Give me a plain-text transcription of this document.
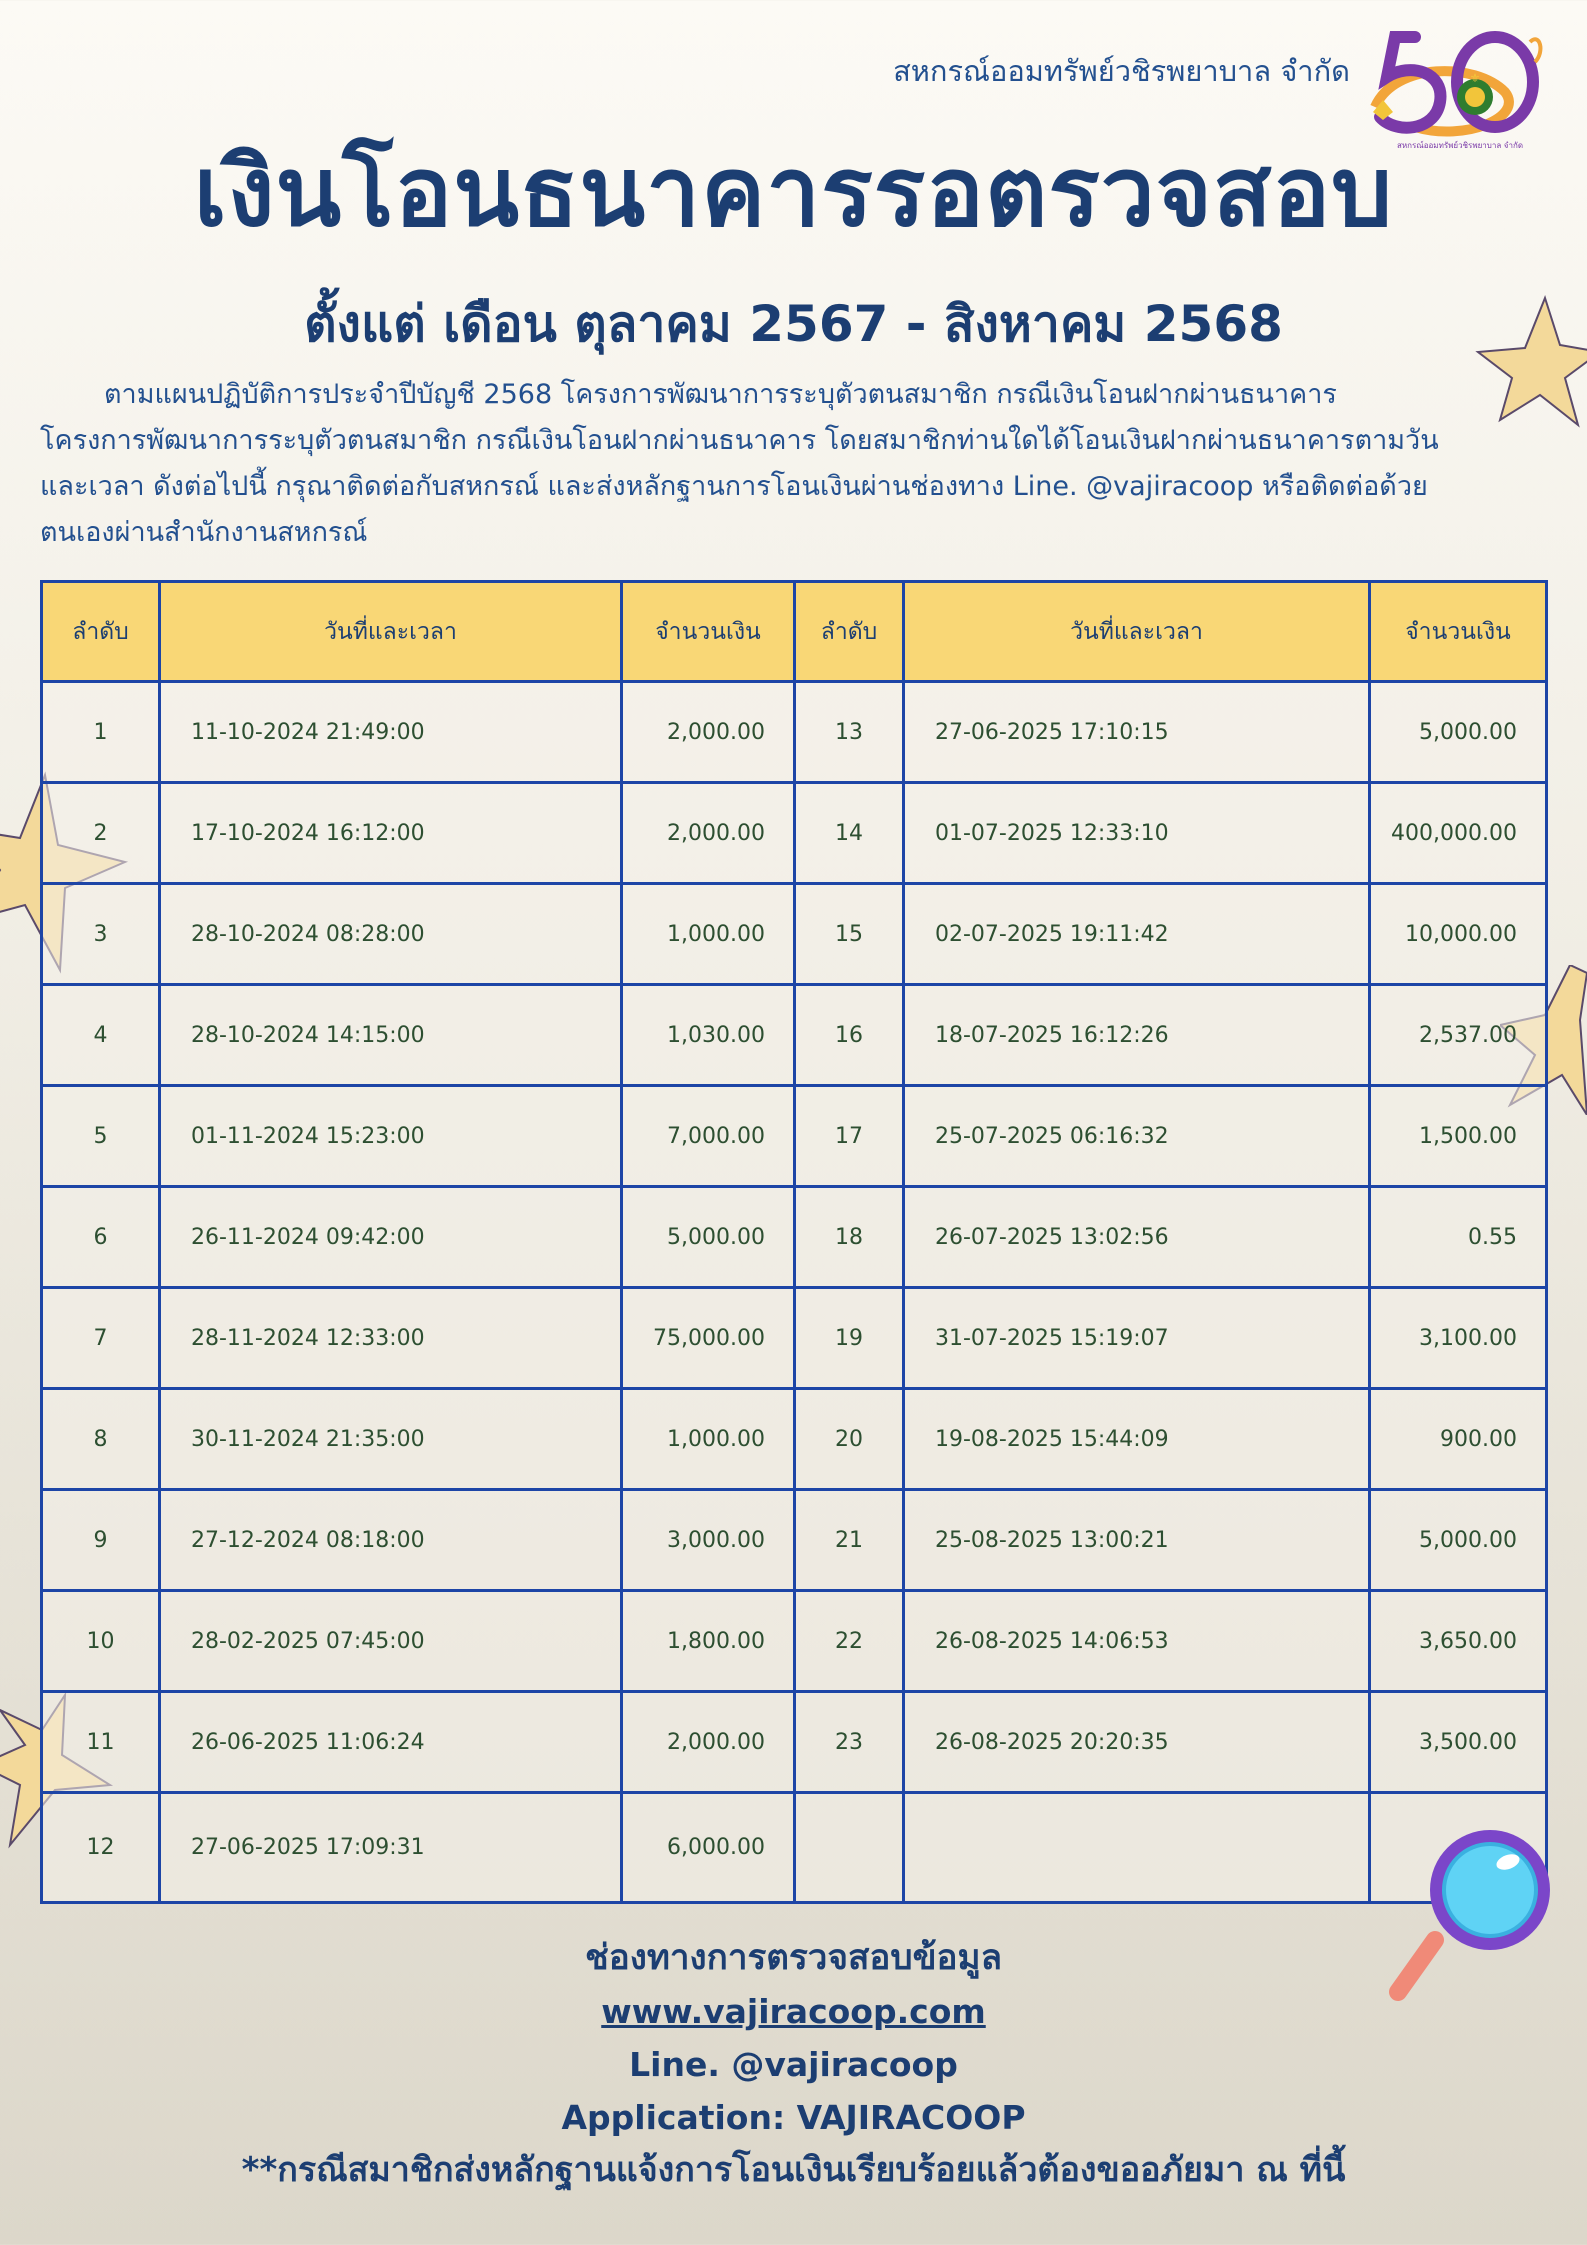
สหกรณ์ออมทรัพย์วชิรพยาบาล จำกัด	⚜
สหกรณ์ออมทรัพย์วชิรพยาบาล จำกัด
เงินโอนธนาคารรอตรวจสอบ
ตั้งแต่ เดือน ตุลาคม 2567 - สิงหาคม 2568

ตามแผนปฏิบัติการประจำปีบัญชี 2568 โครงการพัฒนาการระบุตัวตนสมาชิก กรณีเงินโอนฝากผ่านธนาคาร

โครงการพัฒนาการระบุตัวตนสมาชิก กรณีเงินโอนฝากผ่านธนาคาร โดยสมาชิกท่านใดได้โอนเงินฝากผ่านธนาคารตามวัน

และเวลา ดังต่อไปนี้ กรุณาติดต่อกับสหกรณ์ และส่งหลักฐานการโอนเงินผ่านช่องทาง Line. @vajiracoop หรือติดต่อด้วย

ตนเองผ่านสำนักงานสหกรณ์

ลำดับ	วันที่และเวลา	จำนวนเงิน	ลำดับ	วันที่และเวลา	จำนวนเงิน
1	11-10-2024 21:49:00	2,000.00	13	27-06-2025 17:10:15	5,000.00
2	17-10-2024 16:12:00	2,000.00	14	01-07-2025 12:33:10	400,000.00
3	28-10-2024 08:28:00	1,000.00	15	02-07-2025 19:11:42	10,000.00
4	28-10-2024 14:15:00	1,030.00	16	18-07-2025 16:12:26	2,537.00
5	01-11-2024 15:23:00	7,000.00	17	25-07-2025 06:16:32	1,500.00
6	26-11-2024 09:42:00	5,000.00	18	26-07-2025 13:02:56	0.55
7	28-11-2024 12:33:00	75,000.00	19	31-07-2025 15:19:07	3,100.00
8	30-11-2024 21:35:00	1,000.00	20	19-08-2025 15:44:09	900.00
9	27-12-2024 08:18:00	3,000.00	21	25-08-2025 13:00:21	5,000.00
10	28-02-2025 07:45:00	1,800.00	22	26-08-2025 14:06:53	3,650.00
11	26-06-2025 11:06:24	2,000.00	23	26-08-2025 20:20:35	3,500.00
12	27-06-2025 17:09:31	6,000.00			
ช่องทางการตรวจสอบข้อมูล
www.vajiracoop.com
Line. @vajiracoop
Application: VAJIRACOOP
**กรณีสมาชิกส่งหลักฐานแจ้งการโอนเงินเรียบร้อยแล้วต้องขออภัยมา ณ ที่นี้
